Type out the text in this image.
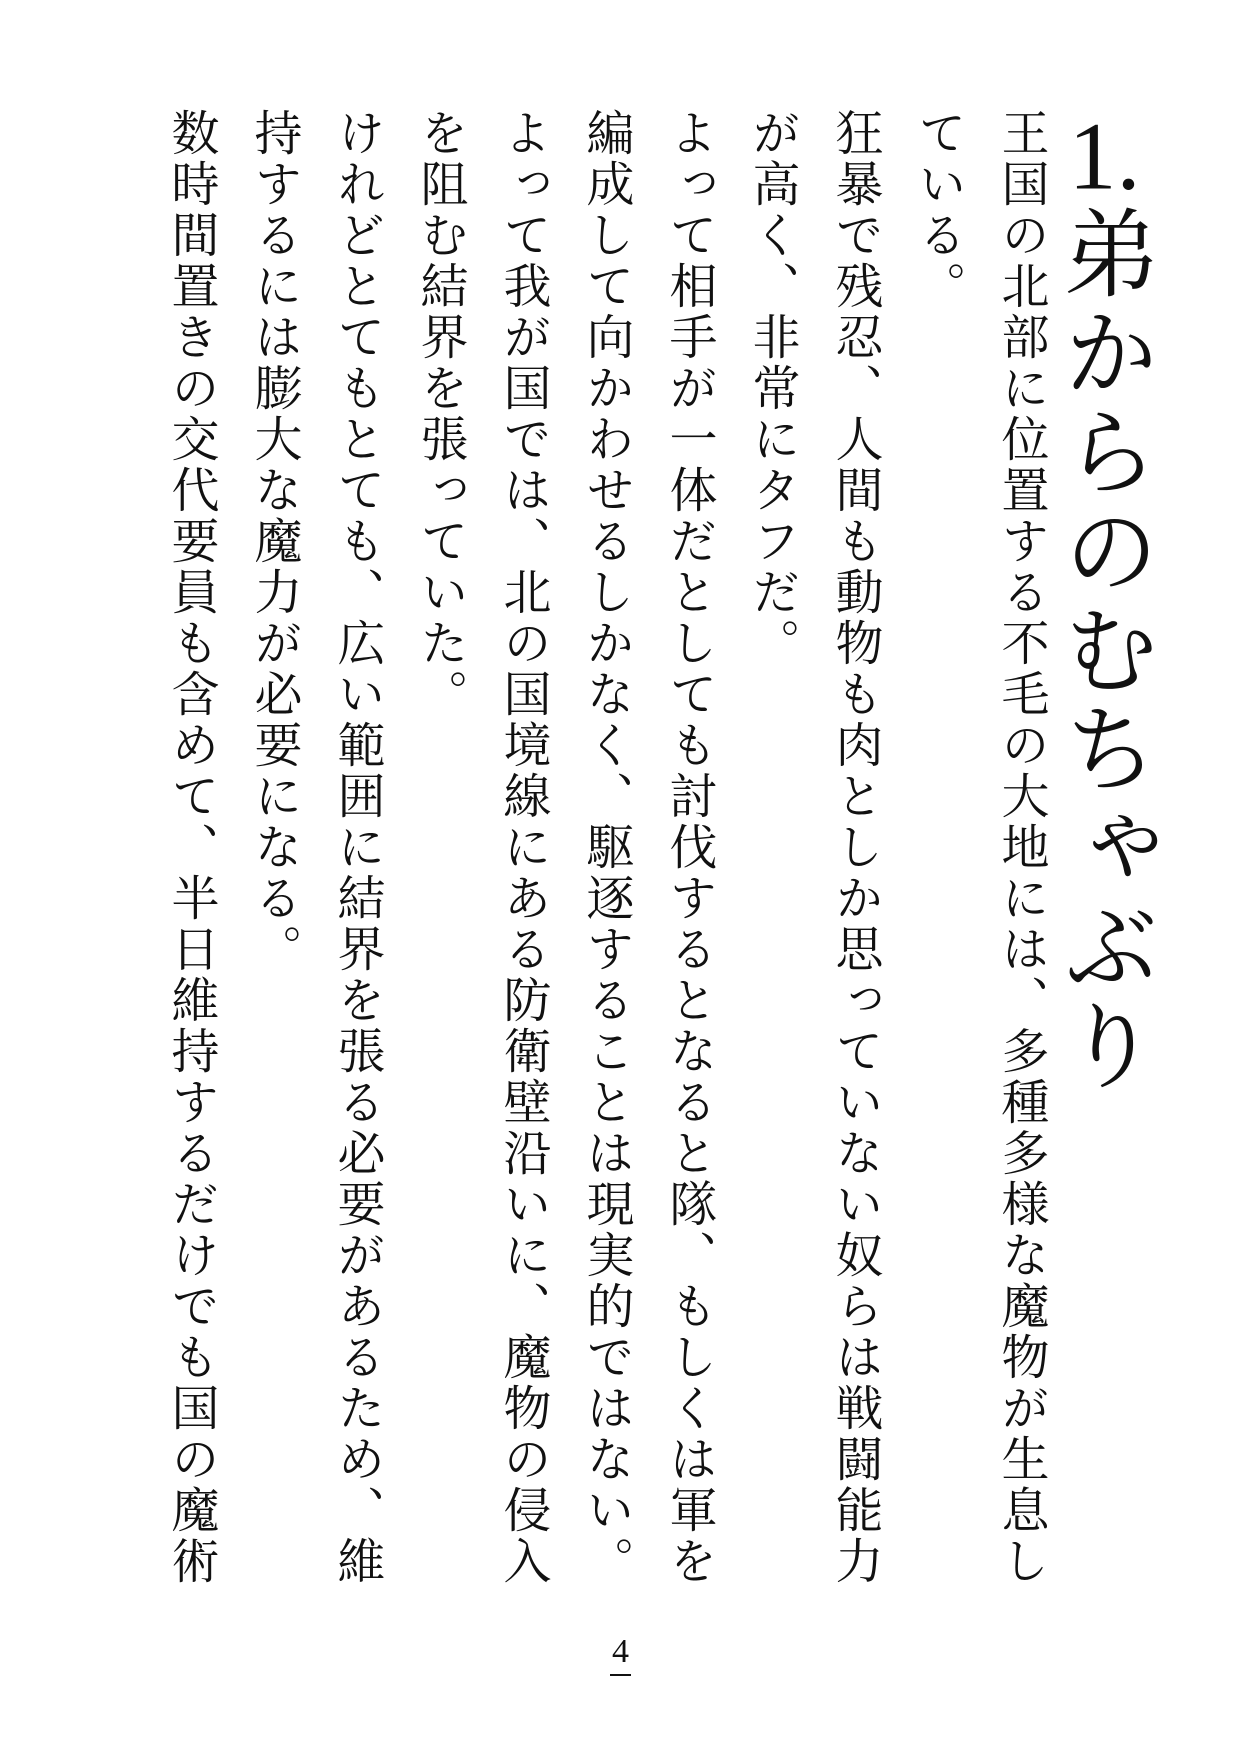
1.弟からのむちゃぶり

王国の北部に位置する不毛の大地には、多種多様な魔物が生息し
ている。

狂暴で残忍、人間も動物も肉としか思っていない奴らは戦闘能力
が高く、非常にタフだ。

よって相手が一体だとしても討伐するとなると隊、もしくは軍を
編成して向かわせるしかなく、駆逐することは現実的ではない。

よって我が国では、北の国境線にある防衛壁沿いに、魔物の侵入
を阻む結界を張っていた。

けれどとてもとても、広い範囲に結界を張る必要があるため、維
持するには膨大な魔力が必要になる。

数時間置きの交代要員も含めて、半日維持するだけでも国の魔術

4
